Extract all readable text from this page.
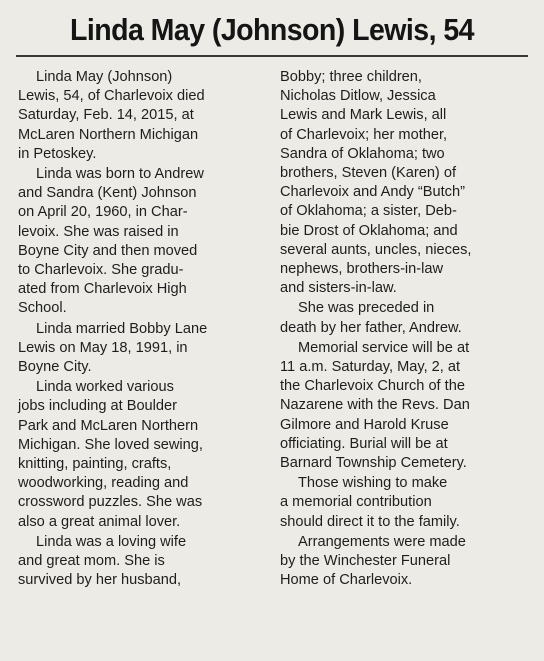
Linda May (Johnson) Lewis, 54

Linda May (Johnson)
Lewis, 54, of Charlevoix died
Saturday, Feb. 14, 2015, at
McLaren Northern Michigan
in Petoskey.

Linda was born to Andrew
and Sandra (Kent) Johnson
on April 20, 1960, in Char-
levoix. She was raised in
Boyne City and then moved
to Charlevoix. She gradu-
ated from Charlevoix High
School.

Linda married Bobby Lane
Lewis on May 18, 1991, in
Boyne City.

Linda worked various
jobs including at Boulder
Park and McLaren Northern
Michigan. She loved sewing,
knitting, painting, crafts,
woodworking, reading and
crossword puzzles. She was
also a great animal lover.

Linda was a loving wife
and great mom. She is
survived by her husband,

Bobby; three children,
Nicholas Ditlow, Jessica
Lewis and Mark Lewis, all
of Charlevoix; her mother,
Sandra of Oklahoma; two
brothers, Steven (Karen) of
Charlevoix and Andy “Butch”
of Oklahoma; a sister, Deb-
bie Drost of Oklahoma; and
several aunts, uncles, nieces,
nephews, brothers-in-law
and sisters-in-law.

She was preceded in
death by her father, Andrew.

Memorial service will be at
11 a.m. Saturday, May, 2, at
the Charlevoix Church of the
Nazarene with the Revs. Dan
Gilmore and Harold Kruse
officiating. Burial will be at
Barnard Township Cemetery.

Those wishing to make
a memorial contribution
should direct it to the family.

Arrangements were made
by the Winchester Funeral
Home of Charlevoix.
